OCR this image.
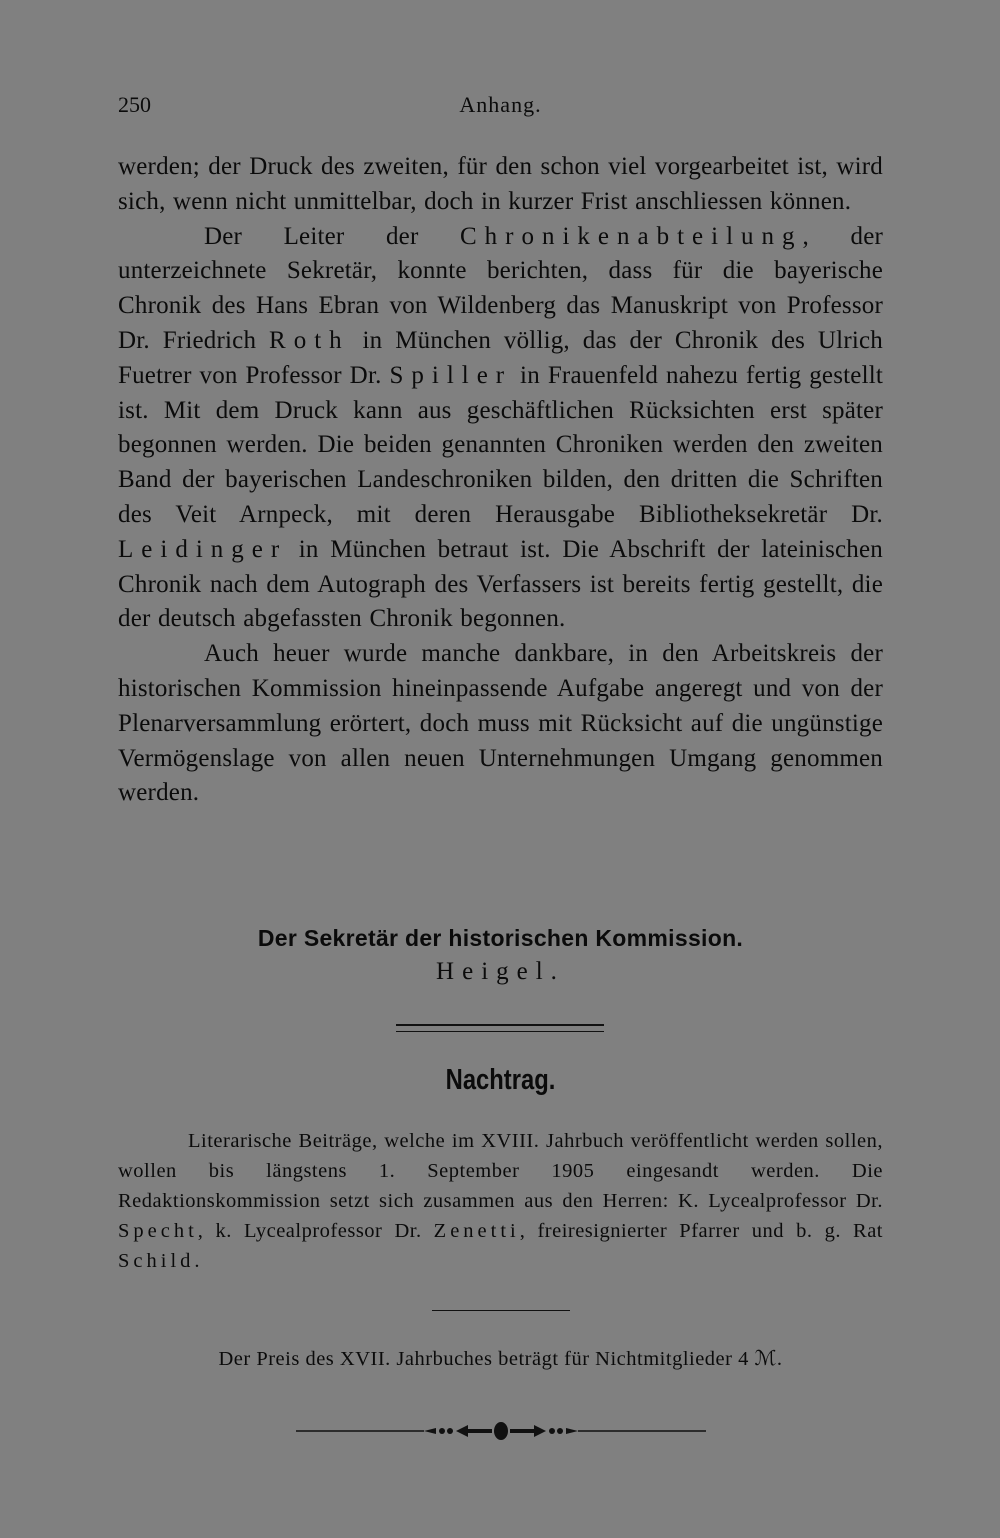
250	Anhang.

werden; der Druck des zweiten, für den schon viel vorgearbeitet ist, wird sich, wenn nicht unmittelbar, doch in kurzer Frist anschliessen können.

Der Leiter der Chronikenabteilung, der unterzeichnete Sekretär, konnte berichten, dass für die bayerische Chronik des Hans Ebran von Wildenberg das Manuskript von Professor Dr. Friedrich Roth in München völlig, das der Chronik des Ulrich Fuetrer von Professor Dr. Spiller in Frauenfeld nahezu fertig gestellt ist. Mit dem Druck kann aus geschäftlichen Rücksichten erst später begonnen werden. Die beiden genannten Chroniken werden den zweiten Band der bayerischen Landeschroniken bilden, den dritten die Schriften des Veit Arnpeck, mit deren Herausgabe Bibliotheksekretär Dr. Leidinger in München betraut ist. Die Abschrift der lateinischen Chronik nach dem Autograph des Verfassers ist bereits fertig gestellt, die der deutsch abgefassten Chronik begonnen.

Auch heuer wurde manche dankbare, in den Arbeitskreis der historischen Kommission hineinpassende Aufgabe angeregt und von der Plenarversammlung erörtert, doch muss mit Rücksicht auf die ungünstige Vermögenslage von allen neuen Unternehmungen Umgang genommen werden.

Der Sekretär der historischen Kommission.
Heigel.
Nachtrag.

Literarische Beiträge, welche im XVIII. Jahrbuch veröffentlicht werden sollen, wollen bis längstens 1. September 1905 eingesandt werden. Die Redaktionskommission setzt sich zusammen aus den Herren: K. Lycealprofessor Dr. Specht, k. Lycealprofessor Dr. Zenetti, freiresignierter Pfarrer und b. g. Rat Schild.

Der Preis des XVII. Jahrbuches beträgt für Nichtmitglieder 4 ℳ.
